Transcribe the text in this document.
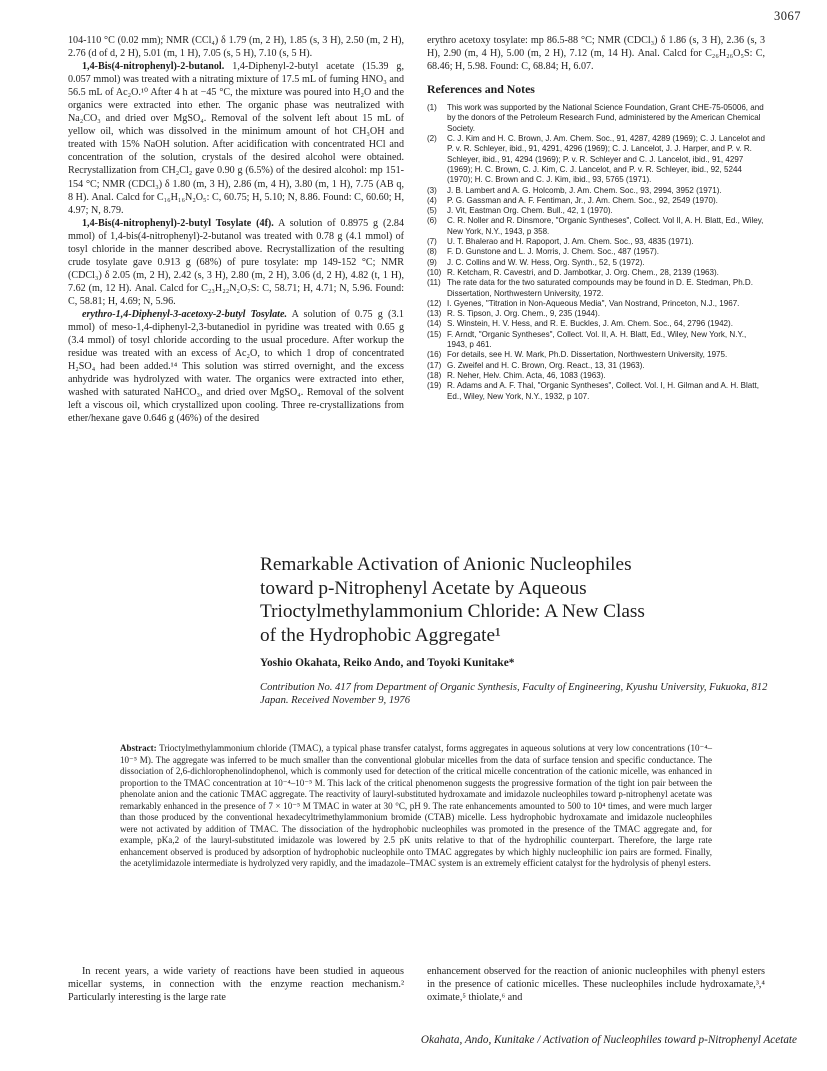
3067

104-110 °C (0.02 mm); NMR (CCl₄) δ 1.79 (m, 2 H), 1.85 (s, 3 H), 2.50 (m, 2 H), 2.76 (d of d, 2 H), 5.01 (m, 1 H), 7.05 (s, 5 H), 7.10 (s, 5 H).

1,4-Bis(4-nitrophenyl)-2-butanol. 1,4-Diphenyl-2-butyl acetate (15.39 g, 0.057 mmol) was treated with a nitrating mixture of 17.5 mL of fuming HNO₃ and 56.5 mL of Ac₂O.¹⁰ After 4 h at −45 °C, the mixture was poured into H₂O and the organics were extracted into ether. The organic phase was neutralized with Na₂CO₃ and dried over MgSO₄. Removal of the solvent left about 15 mL of yellow oil, which was dissolved in the minimum amount of hot CH₃OH and treated with 15% NaOH solution. After acidification with concentrated HCl and concentration of the solution, crystals of the desired alcohol were obtained. Recrystallization from CH₂Cl₂ gave 0.90 g (6.5%) of the desired alcohol: mp 151-154 °C; NMR (CDCl₃) δ 1.80 (m, 3 H), 2.86 (m, 4 H), 3.80 (m, 1 H), 7.75 (AB q, 8 H). Anal. Calcd for C₁₆H₁₆N₂O₅: C, 60.75; H, 5.10; N, 8.86. Found: C, 60.60; H, 4.97; N, 8.79.

1,4-Bis(4-nitrophenyl)-2-butyl Tosylate (4f). A solution of 0.8975 g (2.84 mmol) of 1,4-bis(4-nitrophenyl)-2-butanol was treated with 0.78 g (4.1 mmol) of tosyl chloride in the manner described above. Recrystallization of the resulting crude tosylate gave 0.913 g (68%) of pure tosylate: mp 149-152 °C; NMR (CDCl₃) δ 2.05 (m, 2 H), 2.42 (s, 3 H), 2.80 (m, 2 H), 3.06 (d, 2 H), 4.82 (t, 1 H), 7.62 (m, 12 H). Anal. Calcd for C₂₃H₂₂N₂O₇S: C, 58.71; H, 4.71; N, 5.96. Found: C, 58.81; H, 4.69; N, 5.96.

erythro-1,4-Diphenyl-3-acetoxy-2-butyl Tosylate. A solution of 0.75 g (3.1 mmol) of meso-1,4-diphenyl-2,3-butanediol in pyridine was treated with 0.65 g (3.4 mmol) of tosyl chloride according to the usual procedure. After workup the residue was treated with an excess of Ac₂O, to which 1 drop of concentrated H₂SO₄ had been added.¹⁴ This solution was stirred overnight, and the excess anhydride was hydrolyzed with water. The organics were extracted into ether, washed with saturated NaHCO₃, and dried over MgSO₄. Removal of the solvent left a viscous oil, which crystallized upon cooling. Three re-crystallizations from ether/hexane gave 0.646 g (46%) of the desired

erythro acetoxy tosylate: mp 86.5-88 °C; NMR (CDCl₃) δ 1.86 (s, 3 H), 2.36 (s, 3 H), 2.90 (m, 4 H), 5.00 (m, 2 H), 7.12 (m, 14 H). Anal. Calcd for C₂₆H₂₆O₅S: C, 68.46; H, 5.98. Found: C, 68.84; H, 6.07.

References and Notes
(1)	This work was supported by the National Science Foundation, Grant CHE-75-05006, and by the donors of the Petroleum Research Fund, administered by the American Chemical Society.
(2)	C. J. Kim and H. C. Brown, J. Am. Chem. Soc., 91, 4287, 4289 (1969); C. J. Lancelot and P. v. R. Schleyer, ibid., 91, 4291, 4296 (1969); C. J. Lancelot, J. J. Harper, and P. v. R. Schleyer, ibid., 91, 4294 (1969); P. v. R. Schleyer and C. J. Lancelot, ibid., 91, 4297 (1969); H. C. Brown, C. J. Kim, C. J. Lancelot, and P. v. R. Schleyer, ibid., 92, 5244 (1970); H. C. Brown and C. J. Kim, ibid., 93, 5765 (1971).
(3)	J. B. Lambert and A. G. Holcomb, J. Am. Chem. Soc., 93, 2994, 3952 (1971).
(4)	P. G. Gassman and A. F. Fentiman, Jr., J. Am. Chem. Soc., 92, 2549 (1970).
(5)	J. Vit, Eastman Org. Chem. Bull., 42, 1 (1970).
(6)	C. R. Noller and R. Dinsmore, "Organic Syntheses", Collect. Vol II, A. H. Blatt, Ed., Wiley, New York, N.Y., 1943, p 358.
(7)	U. T. Bhalerao and H. Rapoport, J. Am. Chem. Soc., 93, 4835 (1971).
(8)	F. D. Gunstone and L. J. Morris, J. Chem. Soc., 487 (1957).
(9)	J. C. Collins and W. W. Hess, Org. Synth., 52, 5 (1972).
(10) R. Ketcham, R. Cavestri, and D. Jambotkar, J. Org. Chem., 28, 2139 (1963).
(11) The rate data for the two saturated compounds may be found in D. E. Stedman, Ph.D. Dissertation, Northwestern University, 1972.
(12) I. Gyenes, "Titration in Non-Aqueous Media", Van Nostrand, Princeton, N.J., 1967.
(13) R. S. Tipson, J. Org. Chem., 9, 235 (1944).
(14) S. Winstein, H. V. Hess, and R. E. Buckles, J. Am. Chem. Soc., 64, 2796 (1942).
(15) F. Arndt, "Organic Syntheses", Collect. Vol. II, A. H. Blatt, Ed., Wiley, New York, N.Y., 1943, p 461.
(16) For details, see H. W. Mark, Ph.D. Dissertation, Northwestern University, 1975.
(17) G. Zweifel and H. C. Brown, Org. React., 13, 31 (1963).
(18) R. Neher, Helv. Chim. Acta, 46, 1083 (1963).
(19) R. Adams and A. F. Thal, "Organic Syntheses", Collect. Vol. I, H. Gilman and A. H. Blatt, Ed., Wiley, New York, N.Y., 1932, p 107.
Remarkable Activation of Anionic Nucleophiles
toward p-Nitrophenyl Acetate by Aqueous
Trioctylmethylammonium Chloride: A New Class
of the Hydrophobic Aggregate¹
Yoshio Okahata, Reiko Ando, and Toyoki Kunitake*
Contribution No. 417 from Department of Organic Synthesis, Faculty of Engineering, Kyushu University, Fukuoka, 812 Japan. Received November 9, 1976
Abstract: Trioctylmethylammonium chloride (TMAC), a typical phase transfer catalyst, forms aggregates in aqueous solutions at very low concentrations (10⁻⁴–10⁻⁵ M). The aggregate was inferred to be much smaller than the conventional globular micelles from the data of surface tension and specific conductance. The dissociation of 2,6-dichlorophenolindophenol, which is commonly used for detection of the critical micelle concentration of the cationic micelle, was enhanced in proportion to the TMAC concentration at 10⁻⁴–10⁻⁵ M. This lack of the critical phenomenon suggests the progressive formation of the tight ion pair between the phenolate anion and the cationic TMAC aggregate. The reactivity of lauryl-substituted hydroxamate and imidazole nucleophiles toward p-nitrophenyl acetate was remarkably enhanced in the presence of 7 × 10⁻⁵ M TMAC in water at 30 °C, pH 9. The rate enhancements amounted to 500 to 10⁴ times, and were much larger than those produced by the conventional hexadecyltrimethylammonium bromide (CTAB) micelle. Less hydrophobic hydroxamate and imidazole nucleophiles were not activated by addition of TMAC. The dissociation of the hydrophobic nucleophiles was promoted in the presence of the TMAC aggregate and, for example, pKa,2 of the lauryl-substituted imidazole was lowered by 2.5 pK units relative to that of the hydrophilic counterpart. Therefore, the large rate enhancement observed is produced by adsorption of hydrophobic nucleophile onto TMAC aggregates by which highly nucleophilic ion pairs are formed. Finally, the acetylimidazole intermediate is hydrolyzed very rapidly, and the imadazole–TMAC system is an extremely efficient catalyst for the hydrolysis of phenyl esters.

In recent years, a wide variety of reactions have been studied in aqueous micellar systems, in connection with the enzyme reaction mechanism.² Particularly interesting is the large rate

enhancement observed for the reaction of anionic nucleophiles with phenyl esters in the presence of cationic micelles. These nucleophiles include hydroxamate,³,⁴ oximate,⁵ thiolate,⁶ and

Okahata, Ando, Kunitake / Activation of Nucleophiles toward p-Nitrophenyl Acetate
